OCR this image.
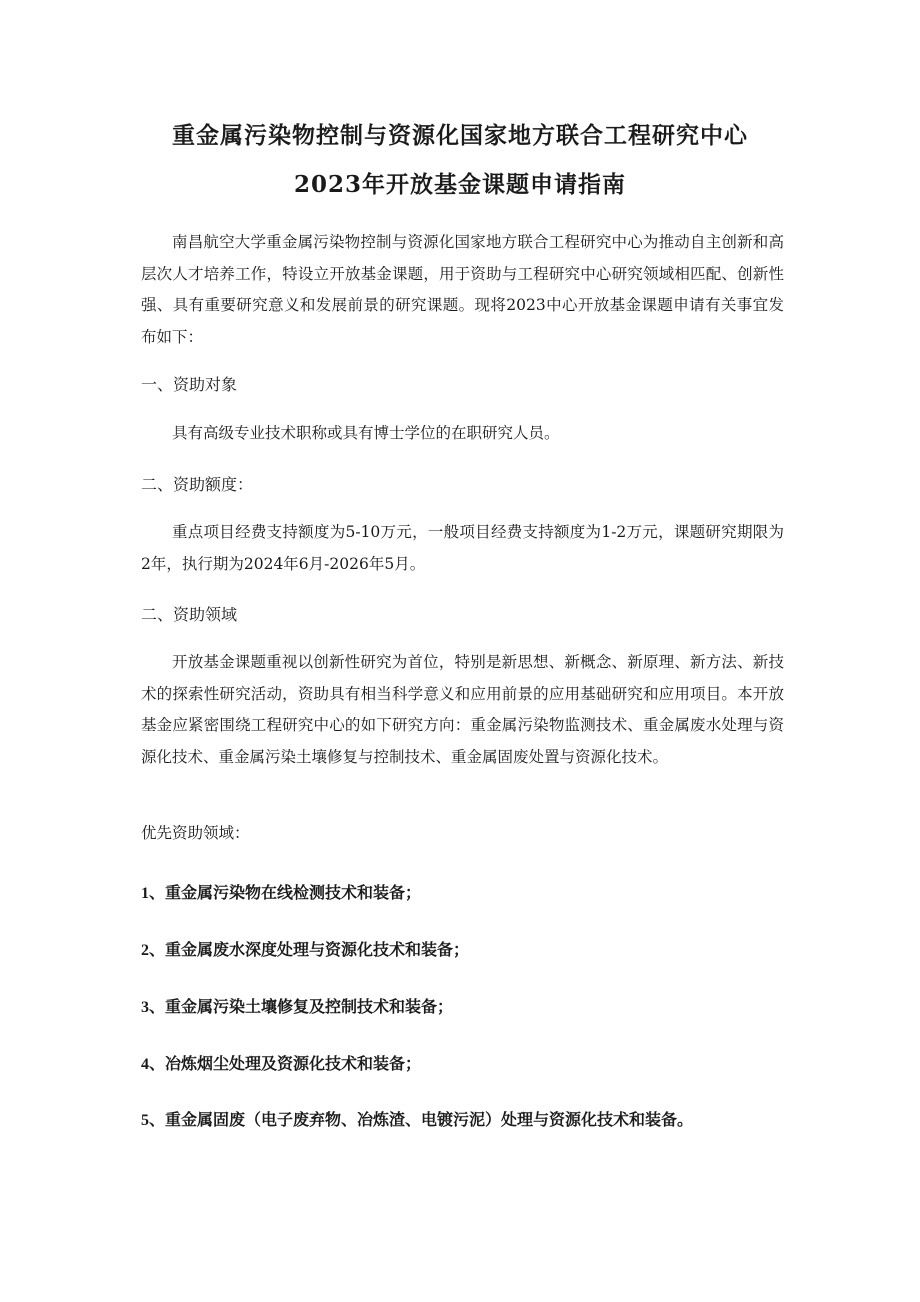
重金属污染物控制与资源化国家地方联合工程研究中心
2023年开放基金课题申请指南

南昌航空大学重金属污染物控制与资源化国家地方联合工程研究中心为推动自主创新和高层次人才培养工作，特设立开放基金课题，用于资助与工程研究中心研究领域相匹配、创新性强、具有重要研究意义和发展前景的研究课题。现将2023中心开放基金课题申请有关事宜发布如下：

一、资助对象

具有高级专业技术职称或具有博士学位的在职研究人员。

二、资助额度：

重点项目经费支持额度为5-10万元，一般项目经费支持额度为1-2万元，课题研究期限为2年，执行期为2024年6月-2026年5月。

二、资助领域

开放基金课题重视以创新性研究为首位，特别是新思想、新概念、新原理、新方法、新技术的探索性研究活动，资助具有相当科学意义和应用前景的应用基础研究和应用项目。本开放基金应紧密围绕工程研究中心的如下研究方向：重金属污染物监测技术、重金属废水处理与资源化技术、重金属污染土壤修复与控制技术、重金属固废处置与资源化技术。

优先资助领域：

1、重金属污染物在线检测技术和装备；

2、重金属废水深度处理与资源化技术和装备；

3、重金属污染土壤修复及控制技术和装备；

4、冶炼烟尘处理及资源化技术和装备；

5、重金属固废（电子废弃物、冶炼渣、电镀污泥）处理与资源化技术和装备。
